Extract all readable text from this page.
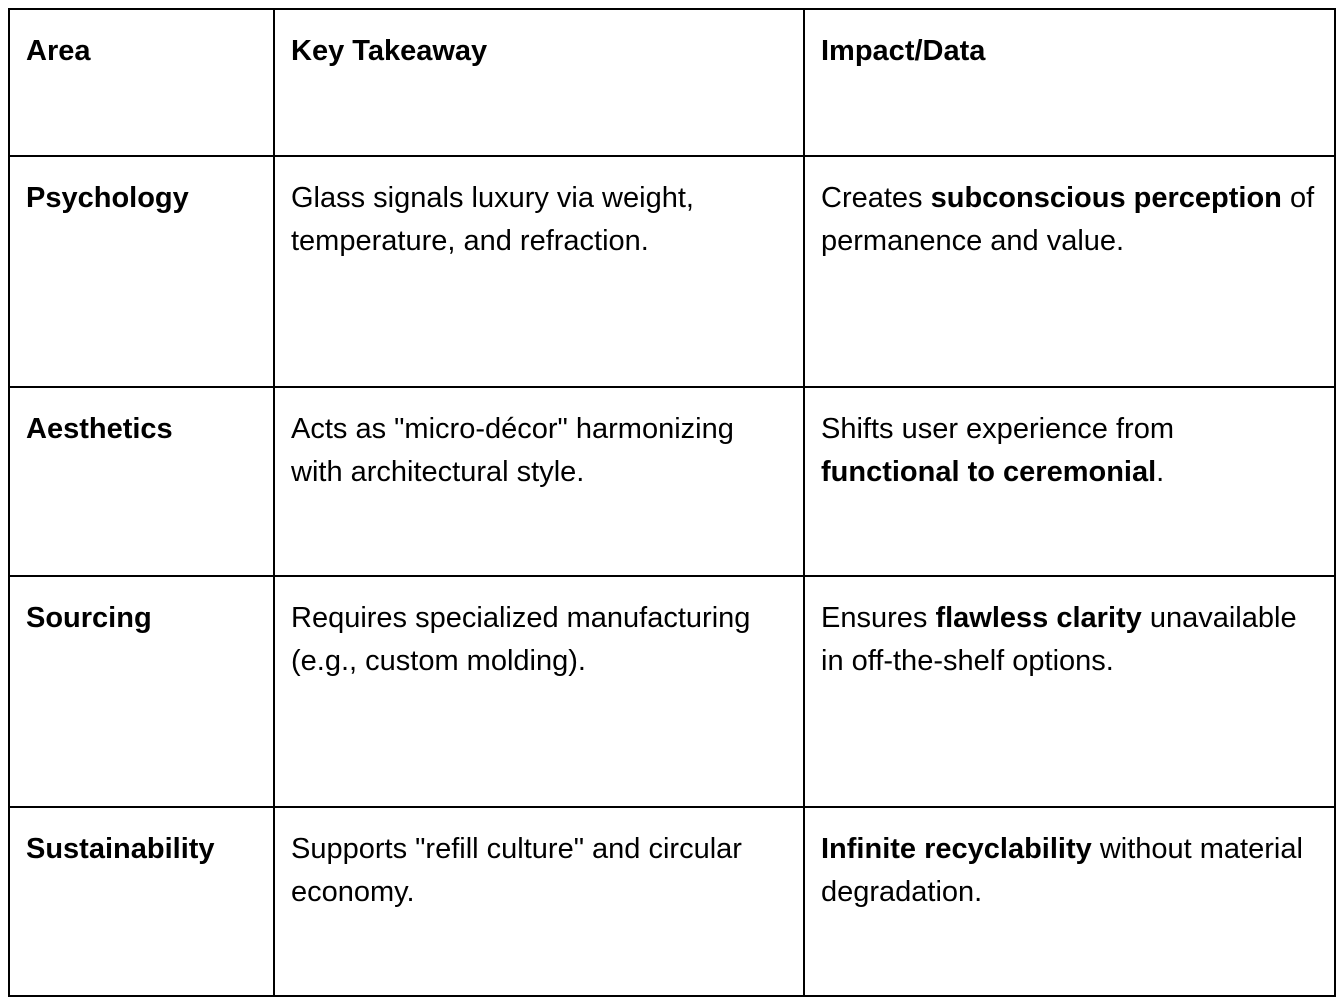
Area	Key Takeaway	Impact/Data
Psychology	Glass signals luxury via weight, temperature, and refraction.	Creates subconscious perception of permanence and value.
Aesthetics	Acts as "micro-décor" harmonizing with architectural style.	Shifts user experience from functional to ceremonial.
Sourcing	Requires specialized manufacturing (e.g., custom molding).	Ensures flawless clarity unavailable in off-the-shelf options.
Sustainability	Supports "refill culture" and circular economy.	Infinite recyclability without material degradation.
